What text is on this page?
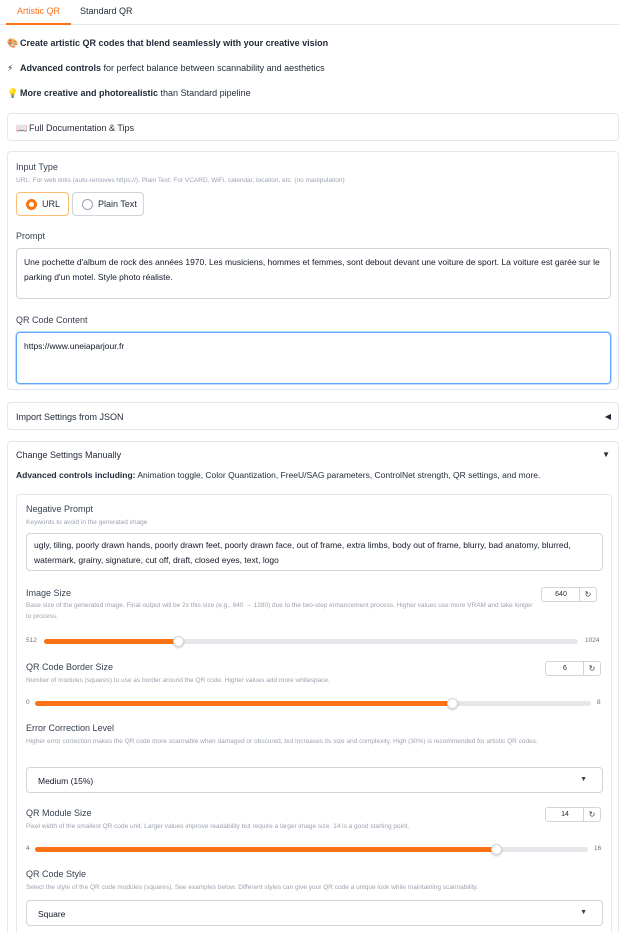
Artistic QR Standard QR
🎨 Create artistic QR codes that blend seamlessly with your creative vision
⚡ Advanced controls for perfect balance between scannability and aesthetics
💡 More creative and photorealistic than Standard pipeline
📖 Full Documentation & Tips
Input Type
URL: For web links (auto-removes https://). Plain Text: For VCARD, WiFi, calendar, location, etc. (no manipulation)
URL	Plain Text
Prompt
Une pochette d'album de rock des années 1970. Les musiciens, hommes et femmes, sont debout devant une voiture de sport. La voiture est garée sur le parking d'un motel. Style photo réaliste.
QR Code Content
https://www.uneiaparjour.fr
Import Settings from JSON	◀
Change Settings Manually	▼
Advanced controls including: Animation toggle, Color Quantization, FreeU/SAG parameters, ControlNet strength, QR settings, and more.
Negative Prompt
Keywords to avoid in the generated image
ugly, tiling, poorly drawn hands, poorly drawn feet, poorly drawn face, out of frame, extra limbs, body out of frame, blurry, bad anatomy, blurred, watermark, grainy, signature, cut off, draft, closed eyes, text, logo
Image Size
Base size of the generated image. Final output will be 2x this size (e.g., 640 → 1280) due to the two-step enhancement process. Higher values use more VRAM and take longer to process.
640	↻
512	1024
QR Code Border Size
Number of modules (squares) to use as border around the QR code. Higher values add more whitespace.
6	↻
0	8
Error Correction Level
Higher error correction makes the QR code more scannable when damaged or obscured, but increases its size and complexity. High (30%) is recommended for artistic QR codes.
Medium (15%)	▼
QR Module Size
Pixel width of the smallest QR code unit. Larger values improve readability but require a larger image size. 14 is a good starting point.
14	↻
4	16
QR Code Style
Select the style of the QR code modules (squares). See examples below. Different styles can give your QR code a unique look while maintaining scannability.
Square	▼
